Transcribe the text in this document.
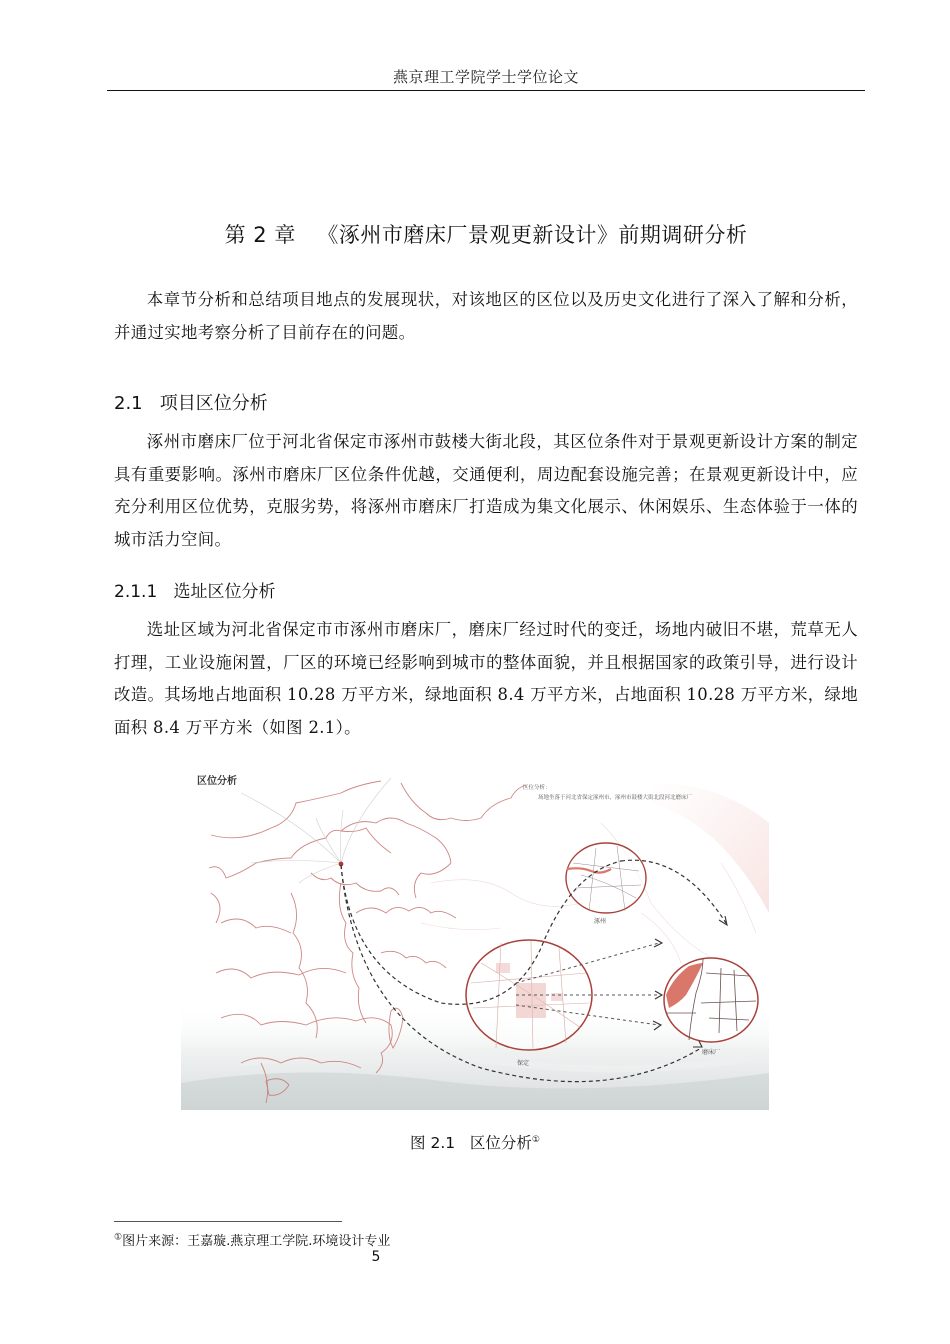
燕京理工学院学士学位论文
第 2 章   《涿州市磨床厂景观更新设计》前期调研分析

本章节分析和总结项目地点的发展现状，对该地区的区位以及历史文化进行了深入了解和分析，并通过实地考察分析了目前存在的问题。

2.1   项目区位分析

涿州市磨床厂位于河北省保定市涿州市鼓楼大街北段，其区位条件对于景观更新设计方案的制定具有重要影响。涿州市磨床厂区位条件优越，交通便利，周边配套设施完善；在景观更新设计中，应充分利用区位优势，克服劣势，将涿州市磨床厂打造成为集文化展示、休闲娱乐、生态体验于一体的城市活力空间。

2.1.1   选址区位分析

选址区域为河北省保定市市涿州市磨床厂，磨床厂经过时代的变迁，场地内破旧不堪，荒草无人打理，工业设施闲置，厂区的环境已经影响到城市的整体面貌，并且根据国家的政策引导，进行设计改造。其场地占地面积 10.28 万平方米，绿地面积 8.4 万平方米，占地面积 10.28 万平方米，绿地面积 8.4 万平方米（如图 2.1）。

区位分析
区位分析：
场地坐落于河北省保定涿州市、涿州市鼓楼大街北段河北磨床厂
涿州
保定
磨床厂
图 2.1   区位分析①
①图片来源：王嘉璇.燕京理工学院.环境设计专业
5
